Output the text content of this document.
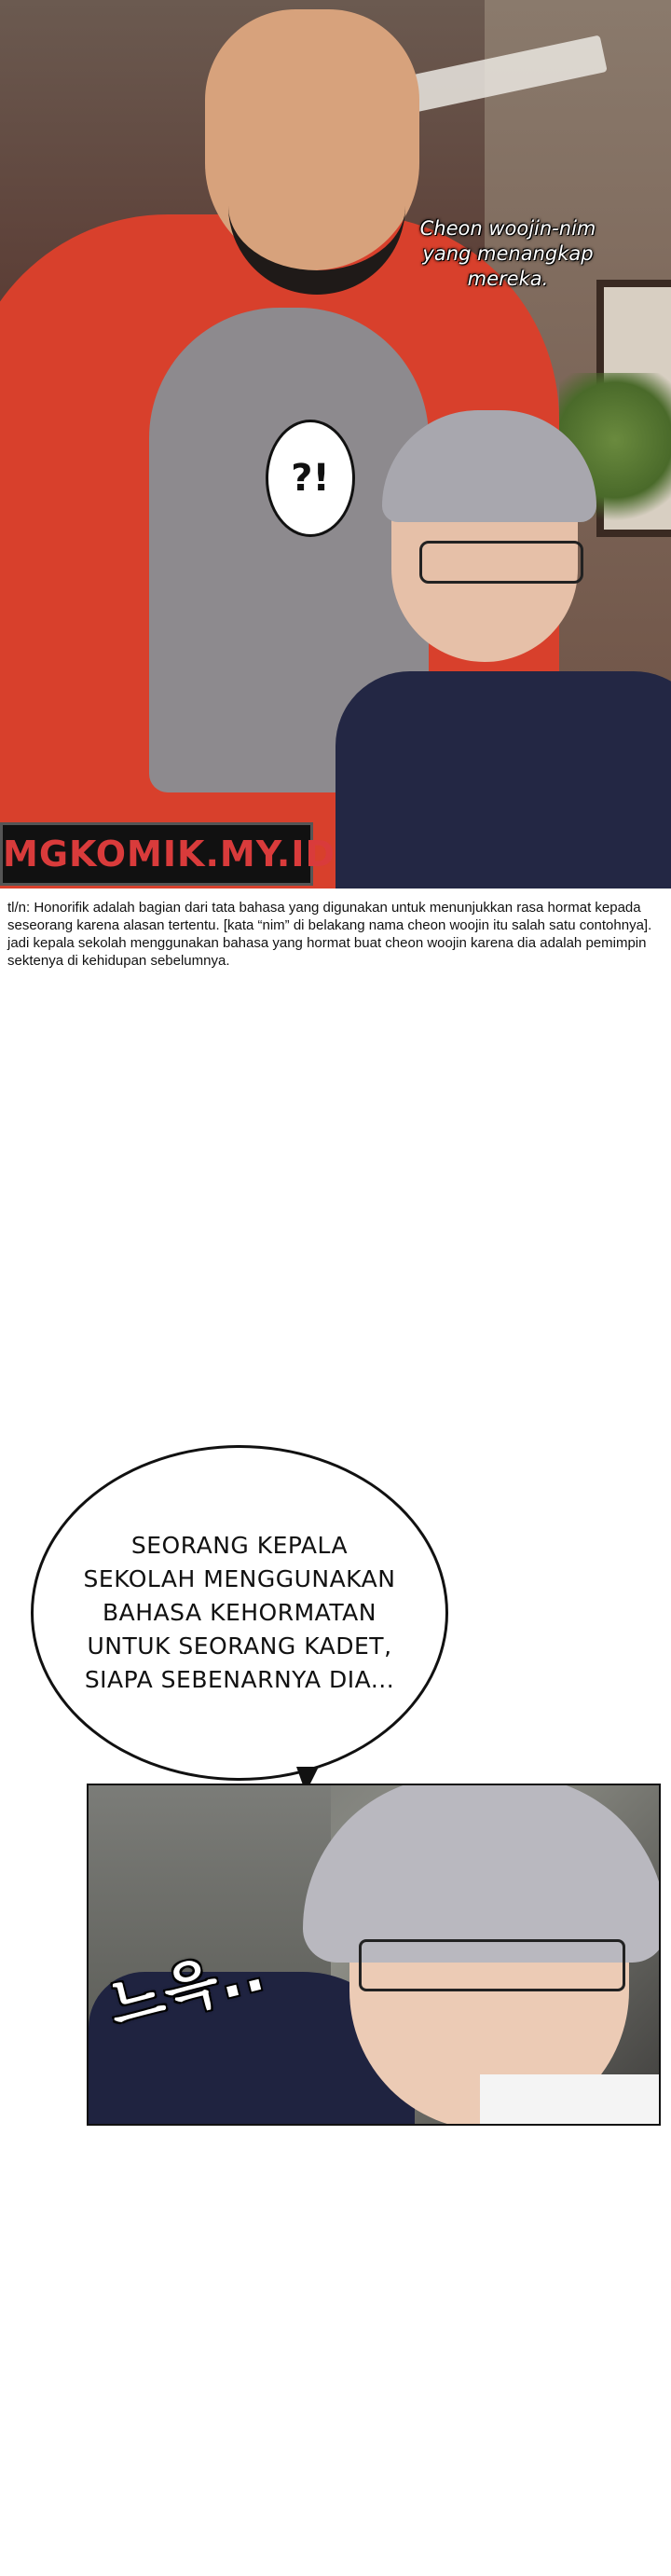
?!
Cheon woojin-nim yang menangkap mereka.
MGKOMIK.MY.ID
tl/n: Honorifik adalah bagian dari tata bahasa yang digunakan untuk menunjukkan rasa hormat kepada seseorang karena alasan tertentu. [kata “nim” di belakang nama cheon woojin itu salah satu contohnya]. jadi kepala sekolah menggunakan bahasa yang hormat buat cheon woojin karena dia adalah pemimpin sektenya di kehidupan sebelumnya.
SEORANG KEPALA SEKOLAH MENGGUNAKAN BAHASA KEHORMATAN UNTUK SEORANG KADET, SIAPA SEBENARNYA DIA...
느윽..
